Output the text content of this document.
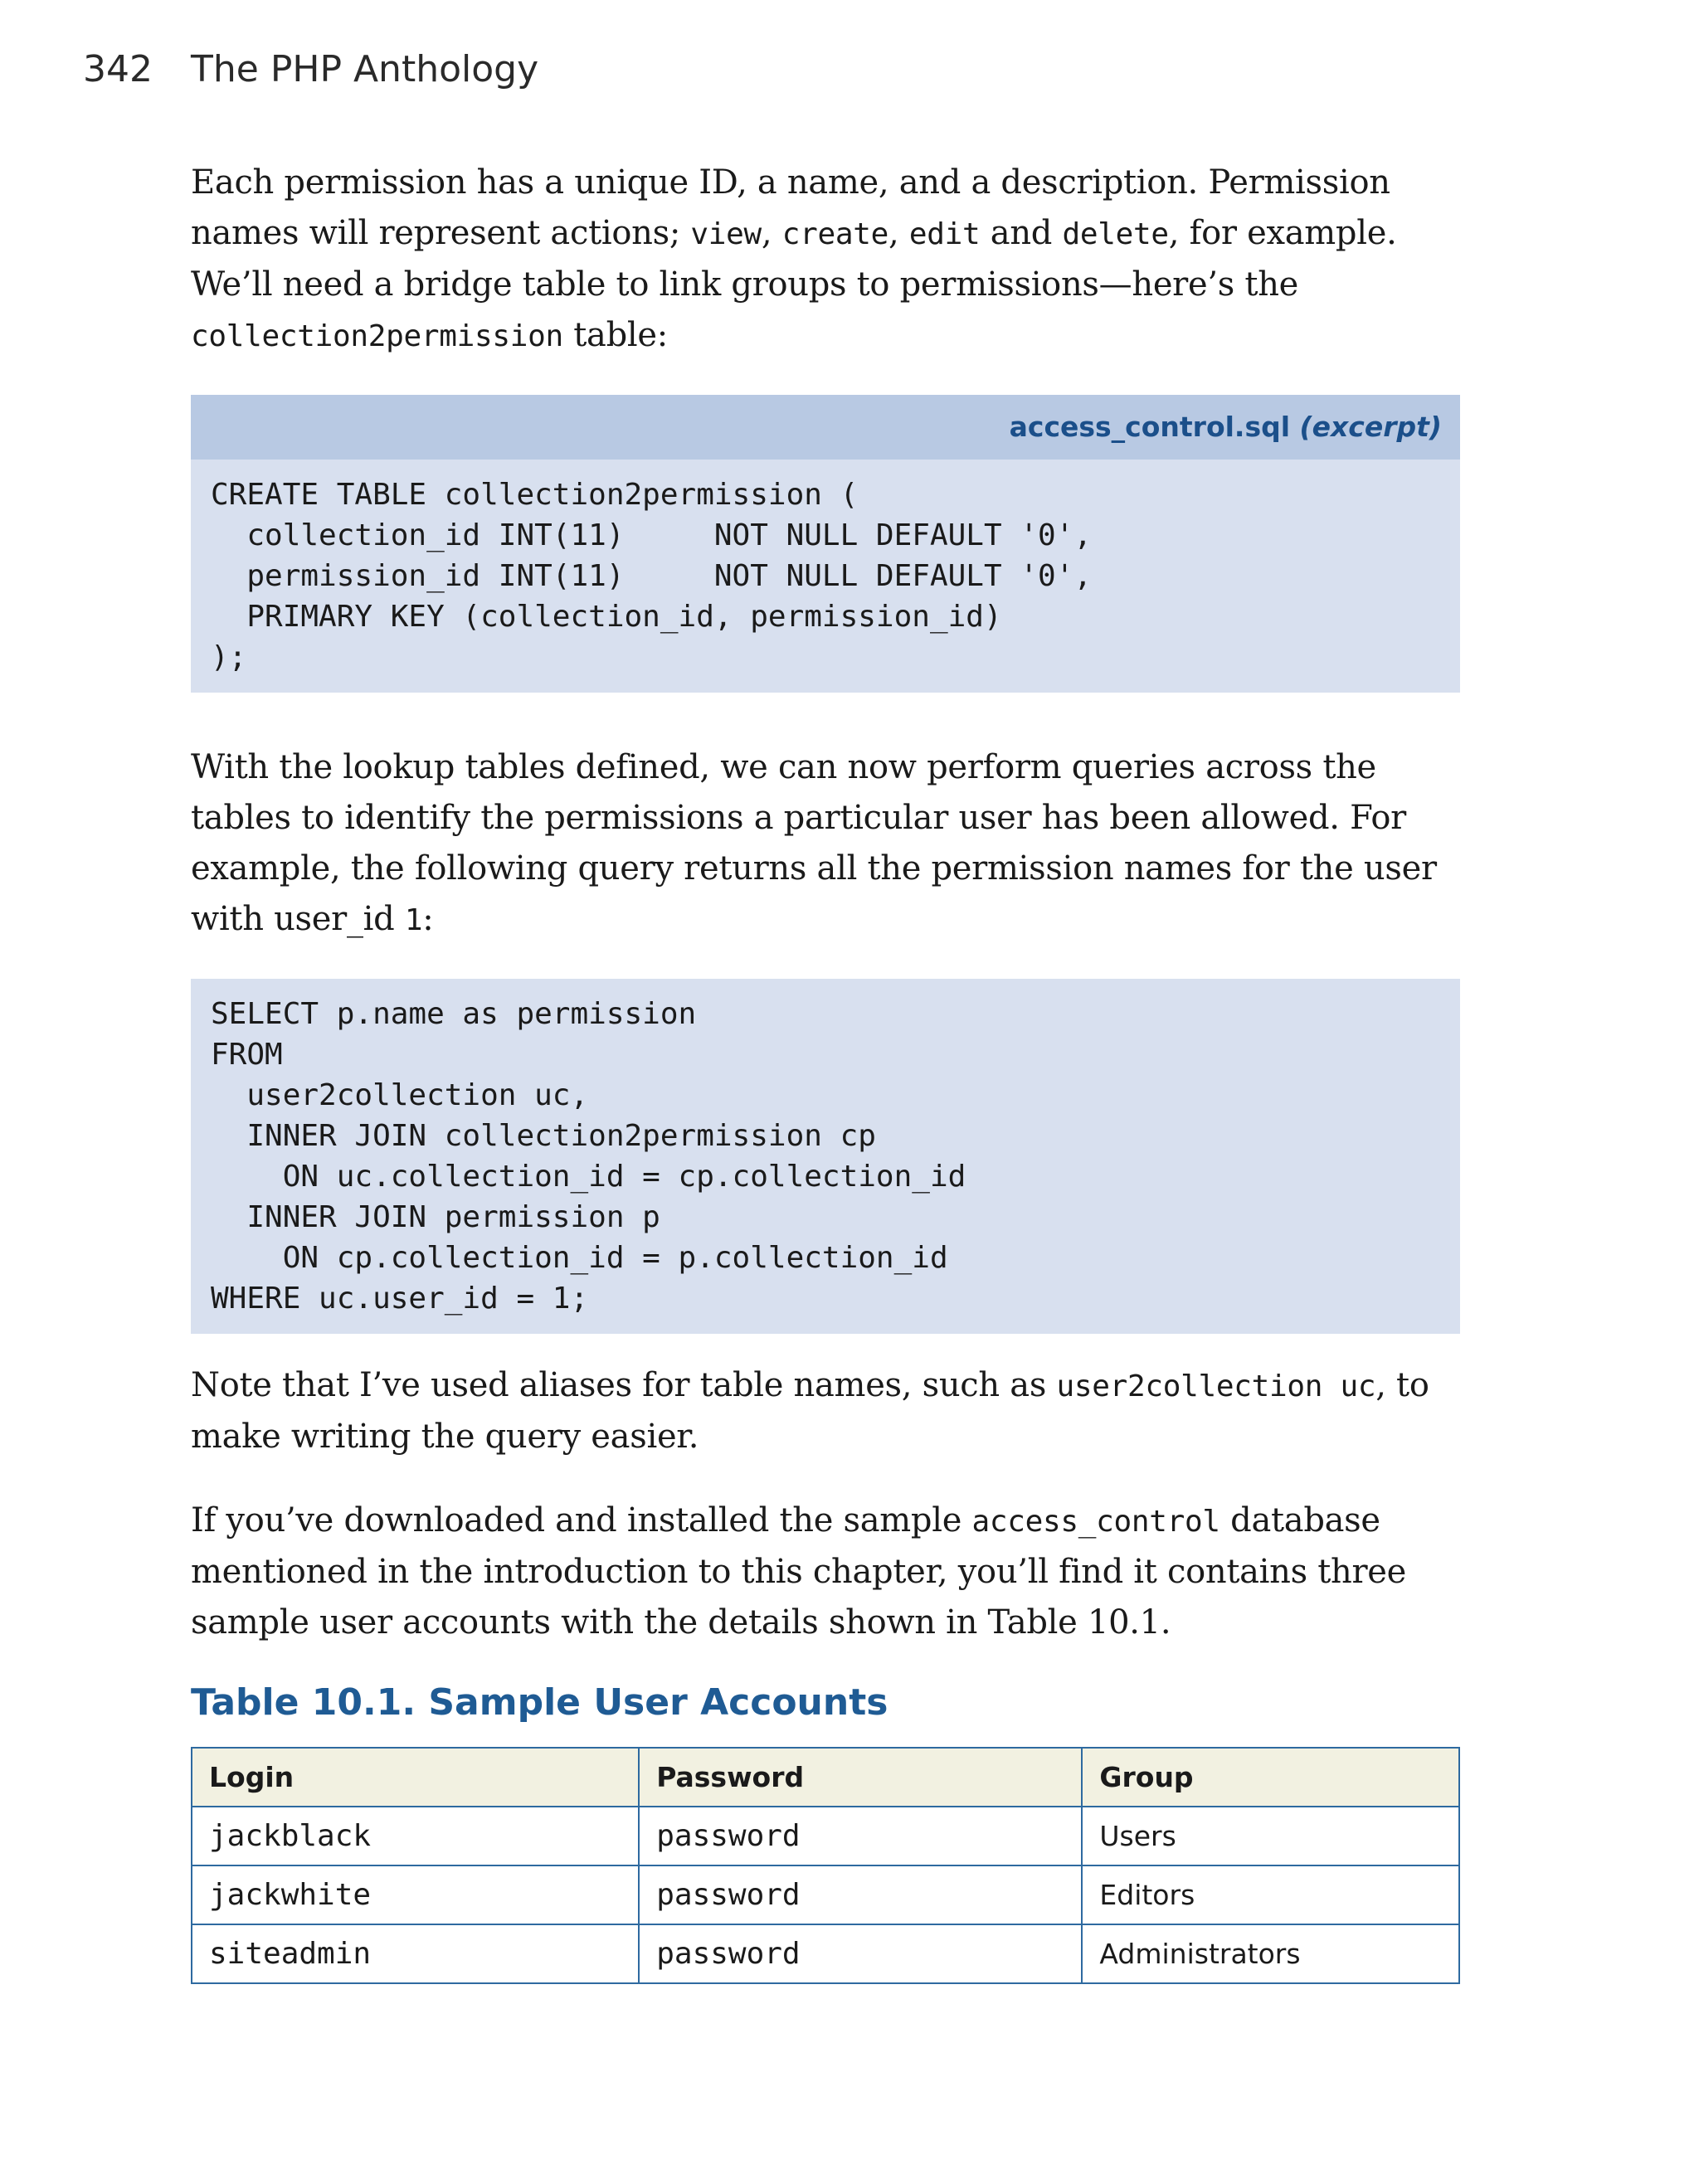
342 The PHP Anthology

Each permission has a unique ID, a name, and a description. Permission names will represent actions; view, create, edit and delete, for example. We’ll need a bridge table to link groups to permissions—here’s the collection2permission table:

access_control.sql (excerpt)
CREATE TABLE collection2permission (
collection_id INT(11)     NOT NULL DEFAULT '0',
permission_id INT(11)     NOT NULL DEFAULT '0',
PRIMARY KEY (collection_id, permission_id)
);

With the lookup tables defined, we can now perform queries across the tables to identify the permissions a particular user has been allowed. For example, the following query returns all the permission names for the user with user_id 1:

SELECT p.name as permission
FROM
user2collection uc,
INNER JOIN collection2permission cp
ON uc.collection_id = cp.collection_id
INNER JOIN permission p
ON cp.collection_id = p.collection_id
WHERE uc.user_id = 1;

Note that I’ve used aliases for table names, such as user2collection uc, to make writing the query easier.

If you’ve downloaded and installed the sample access_control database mentioned in the introduction to this chapter, you’ll find it contains three sample user accounts with the details shown in Table 10.1.

Table 10.1. Sample User Accounts
Login	Password	Group
jackblack	password	Users
jackwhite	password	Editors
siteadmin	password	Administrators
